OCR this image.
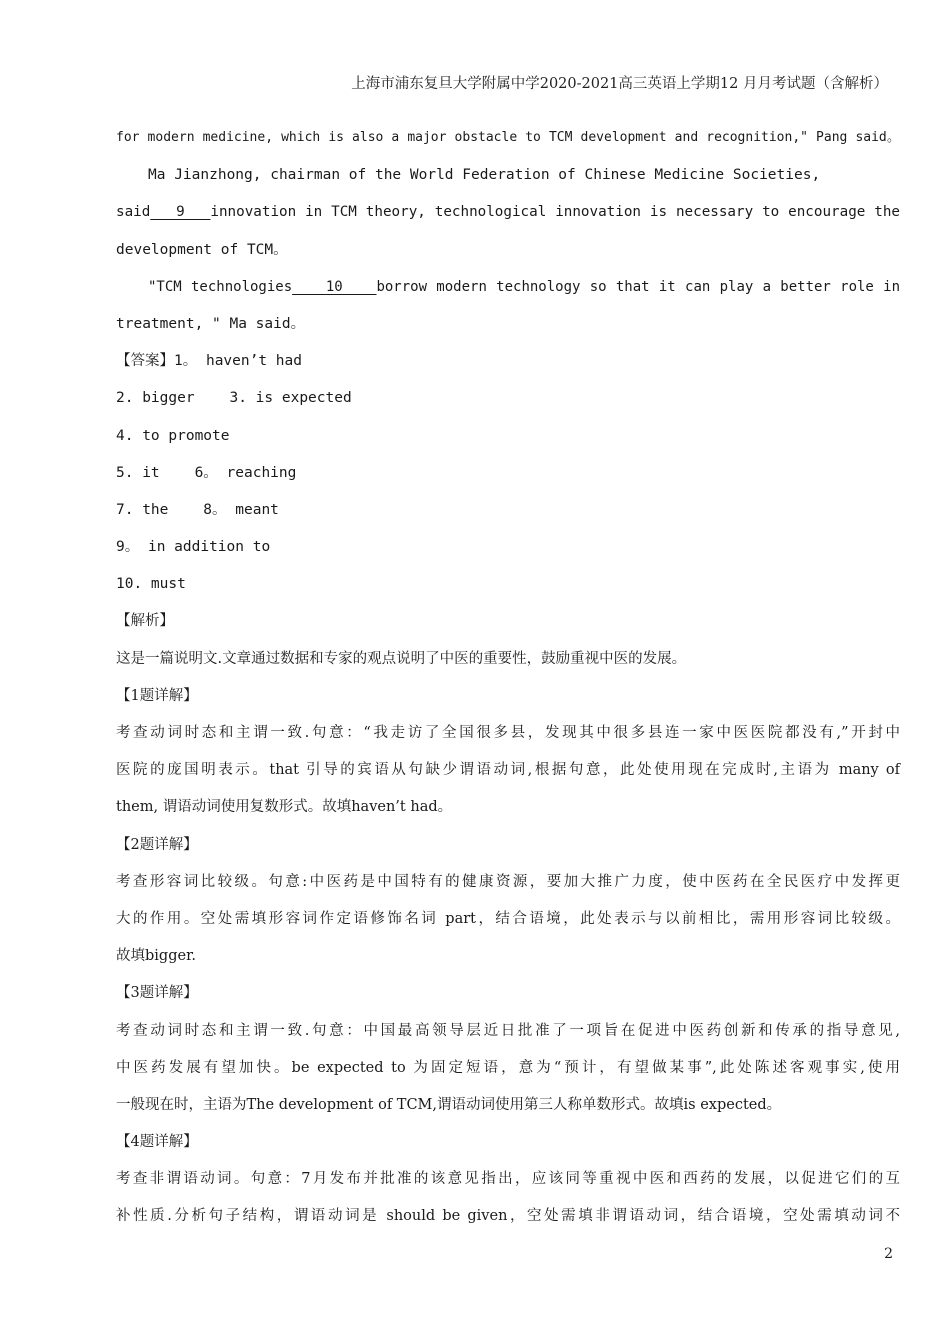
上海市浦东复旦大学附属中学2020-2021高三英语上学期12 月月考试题（含解析）
for modern medicine, which is also a major obstacle to TCM development and recognition," Pang said。
Ma Jianzhong, chairman of the World Federation of Chinese Medicine Societies,
said___9___innovation in TCM theory, technological innovation is necessary to encourage the
development of TCM。
"TCM technologies____10____borrow modern technology so that it can play a better role in
treatment, " Ma said。
【答案】1。 haven’t had
2. bigger    3. is expected
4. to promote
5. it    6。 reaching
7. the    8。 meant
9。 in addition to
10. must
【解析】
这是一篇说明文.文章通过数据和专家的观点说明了中医的重要性，鼓励重视中医的发展。
【1题详解】
考查动词时态和主谓一致.句意：“我走访了全国很多县，发现其中很多县连一家中医医院都没有,”开封中
医院的庞国明表示。that 引导的宾语从句缺少谓语动词,根据句意，此处使用现在完成时,主语为 many of
them, 谓语动词使用复数形式。故填haven’t had。
【2题详解】
考查形容词比较级。句意:中医药是中国特有的健康资源，要加大推广力度，使中医药在全民医疗中发挥更
大的作用。空处需填形容词作定语修饰名词 part，结合语境，此处表示与以前相比，需用形容词比较级。
故填bigger.
【3题详解】
考查动词时态和主谓一致.句意：中国最高领导层近日批准了一项旨在促进中医药创新和传承的指导意见,
中医药发展有望加快。be expected to 为固定短语，意为“预计，有望做某事”,此处陈述客观事实,使用
一般现在时，主语为The development of TCM,谓语动词使用第三人称单数形式。故填is expected。
【4题详解】
考查非谓语动词。句意：7月发布并批准的该意见指出，应该同等重视中医和西药的发展，以促进它们的互
补性质.分析句子结构，谓语动词是 should be given，空处需填非谓语动词，结合语境，空处需填动词不
2
